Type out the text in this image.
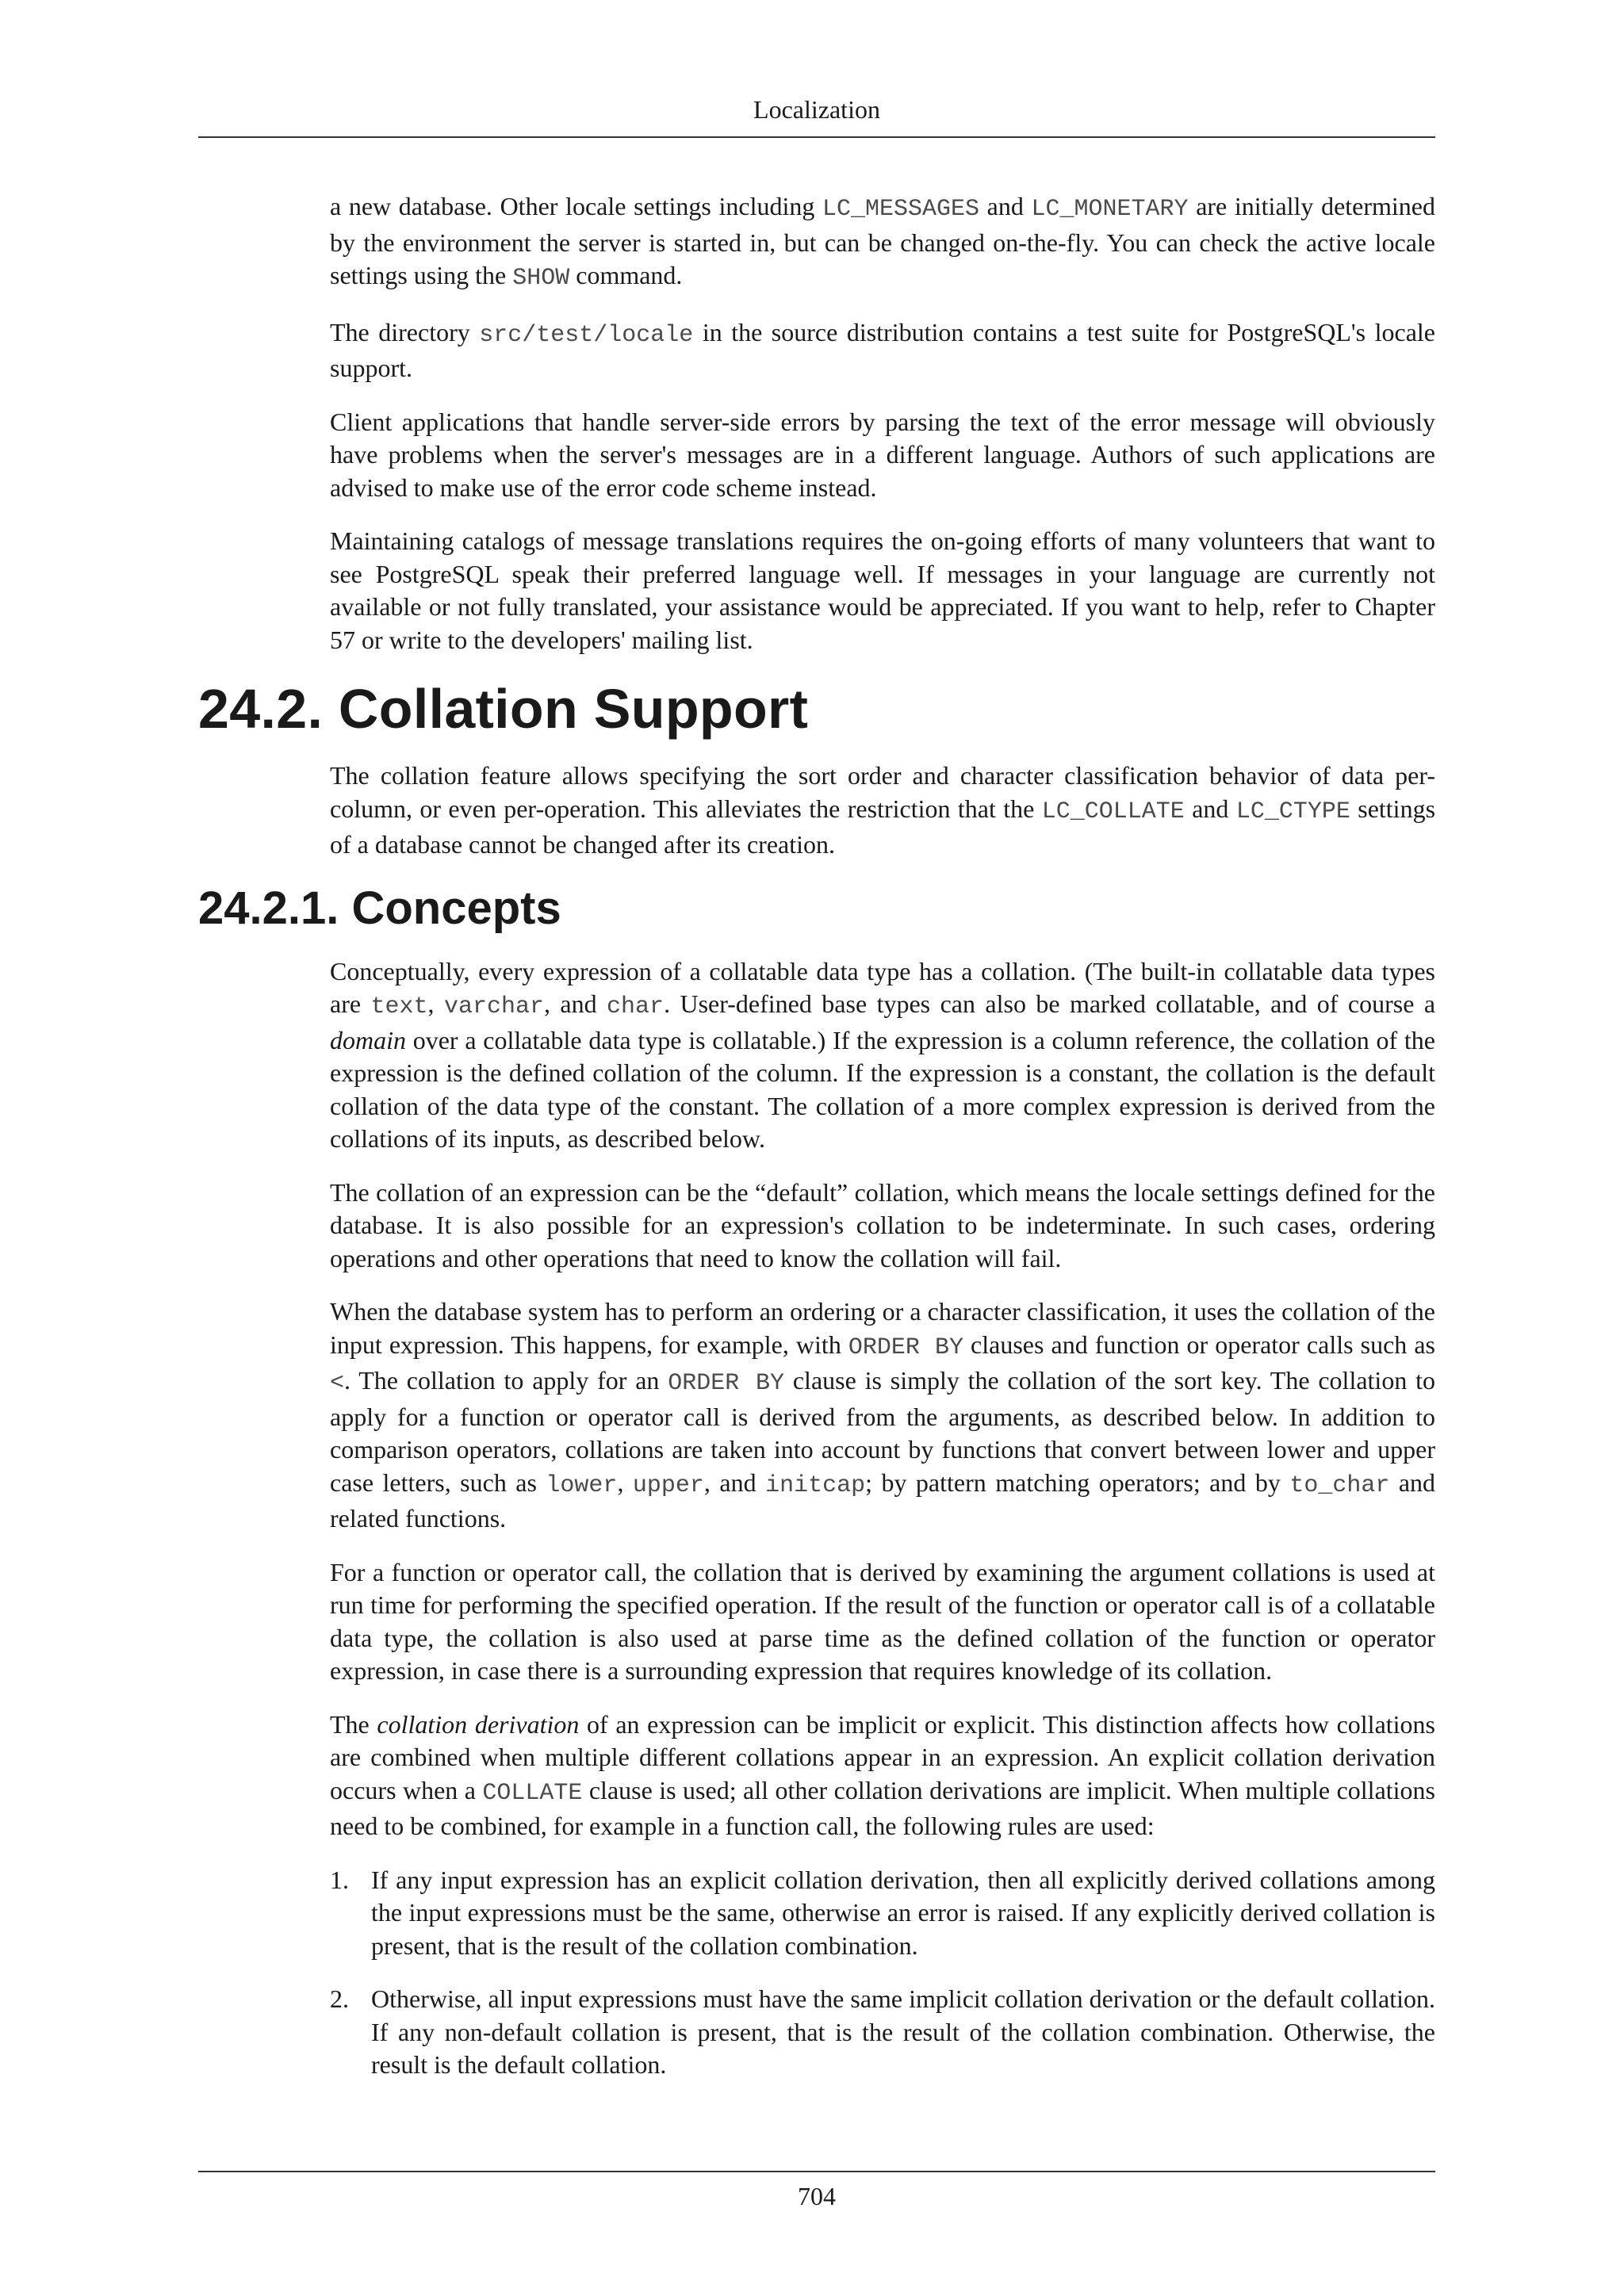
Localization

a new database. Other locale settings including LC_MESSAGES and LC_MONETARY are initially determined by the environment the server is started in, but can be changed on-the-fly. You can check the active locale settings using the SHOW command.

The directory src/test/locale in the source distribution contains a test suite for PostgreSQL's locale support.

Client applications that handle server-side errors by parsing the text of the error message will obviously have problems when the server's messages are in a different language. Authors of such applications are advised to make use of the error code scheme instead.

Maintaining catalogs of message translations requires the on-going efforts of many volunteers that want to see PostgreSQL speak their preferred language well. If messages in your language are currently not available or not fully translated, your assistance would be appreciated. If you want to help, refer to Chapter 57 or write to the developers' mailing list.

24.2. Collation Support

The collation feature allows specifying the sort order and character classification behavior of data per-column, or even per-operation. This alleviates the restriction that the LC_COLLATE and LC_CTYPE settings of a database cannot be changed after its creation.

24.2.1. Concepts

Conceptually, every expression of a collatable data type has a collation. (The built-in collatable data types are text, varchar, and char. User-defined base types can also be marked collatable, and of course a domain over a collatable data type is collatable.) If the expression is a column reference, the collation of the expression is the defined collation of the column. If the expression is a constant, the collation is the default collation of the data type of the constant. The collation of a more complex expression is derived from the collations of its inputs, as described below.

The collation of an expression can be the “default” collation, which means the locale settings defined for the database. It is also possible for an expression's collation to be indeterminate. In such cases, ordering operations and other operations that need to know the collation will fail.

When the database system has to perform an ordering or a character classification, it uses the collation of the input expression. This happens, for example, with ORDER BY clauses and function or operator calls such as <. The collation to apply for an ORDER BY clause is simply the collation of the sort key. The collation to apply for a function or operator call is derived from the arguments, as described below. In addition to comparison operators, collations are taken into account by functions that convert between lower and upper case letters, such as lower, upper, and initcap; by pattern matching operators; and by to_char and related functions.

For a function or operator call, the collation that is derived by examining the argument collations is used at run time for performing the specified operation. If the result of the function or operator call is of a collatable data type, the collation is also used at parse time as the defined collation of the function or operator expression, in case there is a surrounding expression that requires knowledge of its collation.

The collation derivation of an expression can be implicit or explicit. This distinction affects how collations are combined when multiple different collations appear in an expression. An explicit collation derivation occurs when a COLLATE clause is used; all other collation derivations are implicit. When multiple collations need to be combined, for example in a function call, the following rules are used:

1. If any input expression has an explicit collation derivation, then all explicitly derived collations among the input expressions must be the same, otherwise an error is raised. If any explicitly derived collation is present, that is the result of the collation combination.

2. Otherwise, all input expressions must have the same implicit collation derivation or the default collation. If any non-default collation is present, that is the result of the collation combination. Otherwise, the result is the default collation.

704
